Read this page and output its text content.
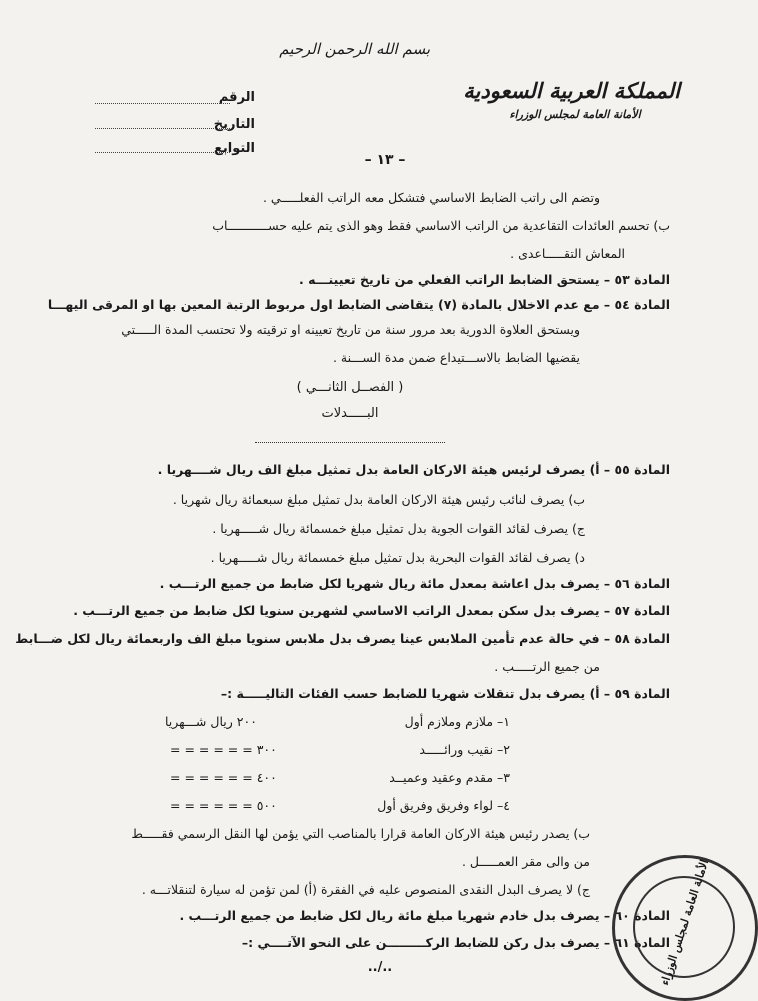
بسم الله الرحمن الرحيم
المملكة العربية السعودية
الأمانة العامة لمجلس الوزراء
الرقم
التاريخ
التوابع
– ١٣ –
وتضم الى راتب الضابط الاساسي فتشكل معه الراتب الفعلـــــي .
ب) تحسم العائدات التقاعدية من الراتب الاساسي فقط وهو الذى يتم عليه حســـــــــــاب
المعاش التقـــــاعدى .
المادة ٥٣ – يستحق الضابط الراتب الفعلي من تاريخ تعيينـــه .
المادة ٥٤ – مع عدم الاخلال بالمادة (٧) يتقاضى الضابط اول مربوط الرتبة المعين بها او المرقى اليهـــا
ويستحق العلاوة الدورية بعد مرور سنة من تاريخ تعيينه او ترقيته ولا تحتسب المدة الـــــتي
يقضيها الضابط بالاســـتيداع ضمن مدة الســـنة .
( الفصــل الثانـــي )
البـــــدلات
المادة ٥٥ – أ) يصرف لرئيس هيئة الاركان العامة بدل تمثيل مبلغ الف ريال شــــهريا .
ب) يصرف لنائب رئيس هيئة الاركان العامة بدل تمثيل مبلغ سبعمائة ريال شهريا .
ج) يصرف لقائد القوات الجوية بدل تمثيل مبلغ خمسمائة ريال شـــــهريا .
د) يصرف لقائد القوات البحرية بدل تمثيل مبلغ خمسمائة ريال شـــــهريا .
المادة ٥٦ – يصرف بدل اعاشة بمعدل مائة ريال شهريا لكل ضابط من جميع الرتـــب .
المادة ٥٧ – يصرف بدل سكن بمعدل الراتب الاساسي لشهرين سنويا لكل ضابط من جميع الرتـــب .
المادة ٥٨ – في حالة عدم تأمين الملابس عينا يصرف بدل ملابس سنويا مبلغ الف واربعمائة ريال لكل ضـــابط
من جميع الرتـــــب .
المادة ٥٩ – أ) يصرف بدل تنقلات شهريا للضابط حسب الفئات التاليـــــة :–
١– ملازم وملازم أول
٢٠٠ ريال شـــهريا
٢– نقيب ورائـــــد
= = = = = = ٣٠٠
٣– مقدم وعقيد وعميــد
= = = = = = ٤٠٠
٤– لواء وفريق وفريق أول
= = = = = = ٥٠٠
ب) يصدر رئيس هيئة الاركان العامة قرارا بالمناصب التي يؤمن لها النقل الرسمي فقـــــط
من والى مقر العمـــــل .
ج) لا يصرف البدل النقدى المنصوص عليه في الفقرة (أ) لمن تؤمن له سيارة لتنقلاتـــه .
المادة ٦٠ – يصرف بدل خادم شهريا مبلغ مائة ريال لكل ضابط من جميع الرتـــب .
المادة ٦١ – يصرف بدل ركن للضابط الركـــــــــن على النحو الآتــــي :–
../..	الأمانة العامة لمجلس الوزراء
